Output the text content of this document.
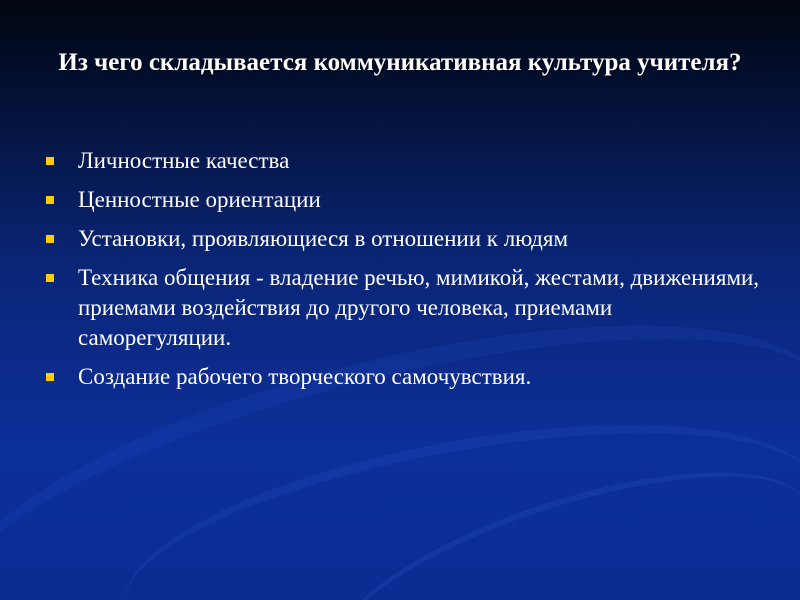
Из чего складывается коммуникативная культура учителя?
Личностные качества
Ценностные ориентации
Установки, проявляющиеся в отношении к людям
Техника общения - владение речью, мимикой, жестами, движениями, приемами воздействия до другого человека, приемами саморегуляции.
Создание рабочего творческого самочувствия.
